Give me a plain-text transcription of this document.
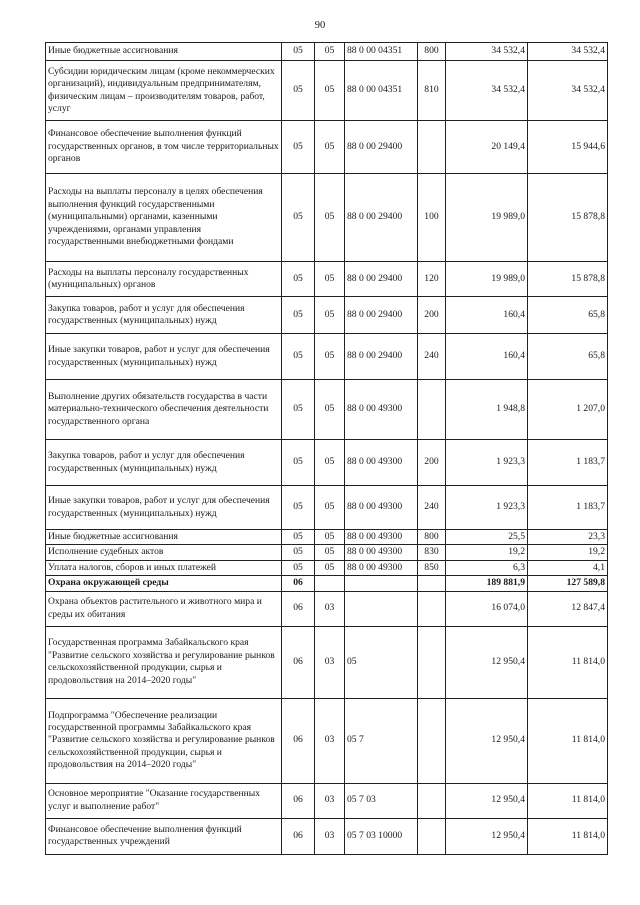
90
Иные бюджетные ассигнования	05	05	88 0 00 04351	800	34 532,4	34 532,4
Субсидии юридическим лицам (кроме некоммерческих организаций), индивидуальным предпринимателям, физическим лицам – производителям товаров, работ, услуг	05	05	88 0 00 04351	810	34 532,4	34 532,4
Финансовое обеспечение выполнения функций государственных органов, в том числе территориальных органов	05	05	88 0 00 29400		20 149,4	15 944,6
Расходы на выплаты персоналу в целях обеспечения выполнения функций государственными (муниципальными) органами, казенными учреждениями, органами управления государственными внебюджетными фондами	05	05	88 0 00 29400	100	19 989,0	15 878,8
Расходы на выплаты персоналу государственных (муниципальных) органов	05	05	88 0 00 29400	120	19 989,0	15 878,8
Закупка товаров, работ и услуг для обеспечения государственных (муниципальных) нужд	05	05	88 0 00 29400	200	160,4	65,8
Иные закупки товаров, работ и услуг для обеспечения государственных (муниципальных) нужд	05	05	88 0 00 29400	240	160,4	65,8
Выполнение других обязательств государства в части материально-технического обеспечения деятельности государственного органа	05	05	88 0 00 49300		1 948,8	1 207,0
Закупка товаров, работ и услуг для обеспечения государственных (муниципальных) нужд	05	05	88 0 00 49300	200	1 923,3	1 183,7
Иные закупки товаров, работ и услуг для обеспечения государственных (муниципальных) нужд	05	05	88 0 00 49300	240	1 923,3	1 183,7
Иные бюджетные ассигнования	05	05	88 0 00 49300	800	25,5	23,3
Исполнение судебных актов	05	05	88 0 00 49300	830	19,2	19,2
Уплата налогов, сборов и иных платежей	05	05	88 0 00 49300	850	6,3	4,1
Охрана окружающей среды	06				189 881,9	127 589,8
Охрана объектов растительного и животного мира и среды их обитания	06	03			16 074,0	12 847,4
Государственная программа Забайкальского края "Развитие сельского хозяйства и регулирование рынков сельскохозяйственной продукции, сырья и продовольствия на 2014–2020 годы"	06	03	05		12 950,4	11 814,0
Подпрограмма "Обеспечение реализации государственной программы Забайкальского края "Развитие сельского хозяйства и регулирование рынков сельскохозяйственной продукции, сырья и продовольствия на 2014–2020 годы"	06	03	05 7		12 950,4	11 814,0
Основное мероприятие "Оказание государственных услуг и выполнение работ"	06	03	05 7 03		12 950,4	11 814,0
Финансовое обеспечение выполнения функций государственных учреждений	06	03	05 7 03 10000		12 950,4	11 814,0
